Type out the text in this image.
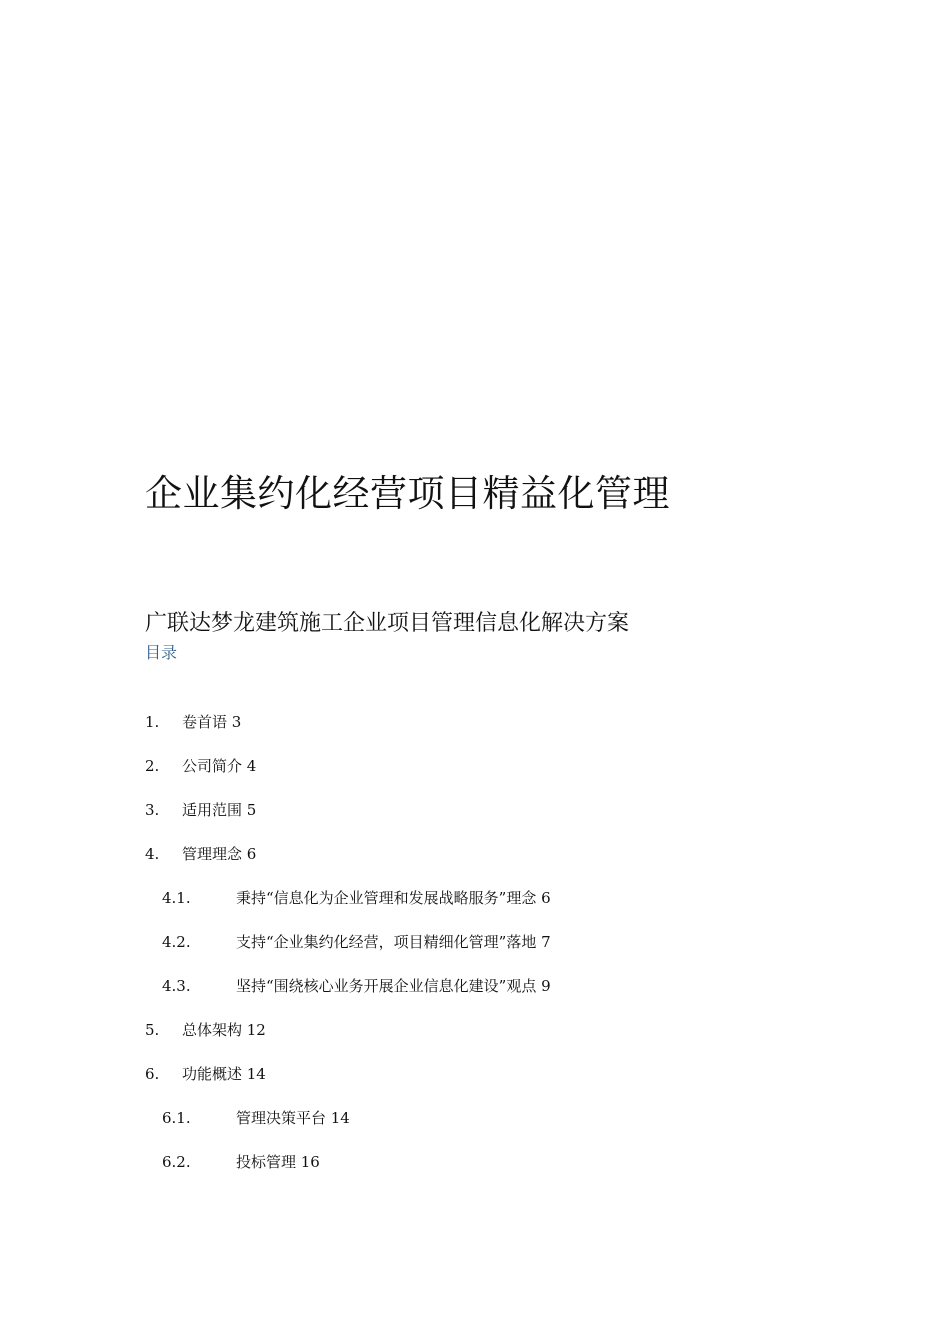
企业集约化经营项目精益化管理
广联达梦龙建筑施工企业项目管理信息化解决方案
目录
1. 卷首语 3
2. 公司简介 4
3. 适用范围 5
4. 管理理念 6
4.1.	秉持“信息化为企业管理和发展战略服务”理念 6
4.2.	支持“企业集约化经营，项目精细化管理”落地 7
4.3.	坚持“围绕核心业务开展企业信息化建设”观点 9
5. 总体架构 12
6. 功能概述 14
6.1.	管理决策平台 14
6.2.	投标管理 16
